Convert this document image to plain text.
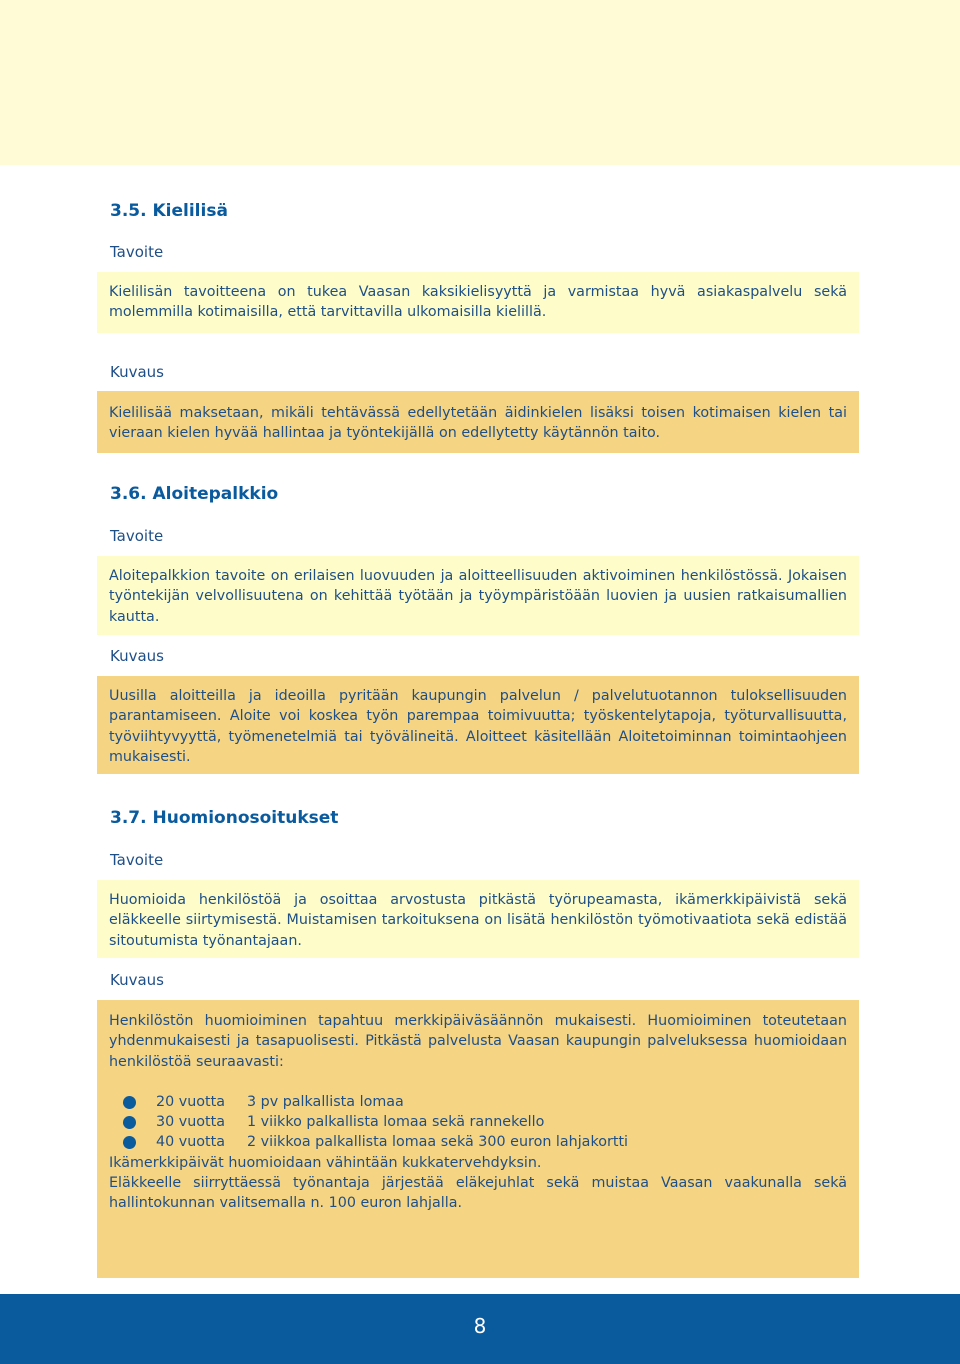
3.5. Kielilisä
Tavoite

Kielilisän tavoitteena on tukea Vaasan kaksikielisyyttä ja varmistaa hyvä asiakaspalvelu sekä molemmilla kotimaisilla, että tarvittavilla ulkomaisilla kielillä.

Kuvaus

Kielilisää maksetaan, mikäli tehtävässä edellytetään äidinkielen lisäksi toisen kotimaisen kielen tai vieraan kielen hyvää hallintaa ja työntekijällä on edellytetty käytännön taito.

3.6. Aloitepalkkio
Tavoite

Aloitepalkkion tavoite on erilaisen luovuuden ja aloitteellisuuden aktivoiminen henkilöstössä. Jokaisen työntekijän velvollisuutena on kehittää työtään ja työympäristöään luovien ja uusien ratkaisumallien kautta.

Kuvaus

Uusilla aloitteilla ja ideoilla pyritään kaupungin palvelun / palvelutuotannon tuloksellisuuden parantamiseen. Aloite voi koskea työn parempaa toimivuutta; työskentelytapoja, työturvallisuutta, työviihtyvyyttä, työmenetelmiä tai työvälineitä. Aloitteet käsitellään Aloitetoiminnan toimintaohjeen mukaisesti.

3.7. Huomionosoitukset
Tavoite

Huomioida henkilöstöä ja osoittaa arvostusta pitkästä työrupeamasta, ikämerkkipäivistä sekä eläkkeelle siirtymisestä. Muistamisen tarkoituksena on lisätä henkilöstön työmotivaatiota sekä edistää sitoutumista työnantajaan.

Kuvaus

Henkilöstön huomioiminen tapahtuu merkkipäiväsäännön mukaisesti. Huomioiminen toteutetaan yhdenmukaisesti ja tasapuolisesti. Pitkästä palvelusta Vaasan kaupungin palveluksessa huomioidaan henkilöstöä seuraavasti:

20 vuotta	3 pv palkallista lomaa
30 vuotta	1 viikko palkallista lomaa sekä rannekello
40 vuotta	2 viikkoa palkallista lomaa sekä 300 euron lahjakortti

Ikämerkkipäivät huomioidaan vähintään kukkatervehdyksin.

Eläkkeelle siirryttäessä työnantaja järjestää eläkejuhlat sekä muistaa Vaasan vaakunalla sekä hallintokunnan valitsemalla n. 100 euron lahjalla.

8
